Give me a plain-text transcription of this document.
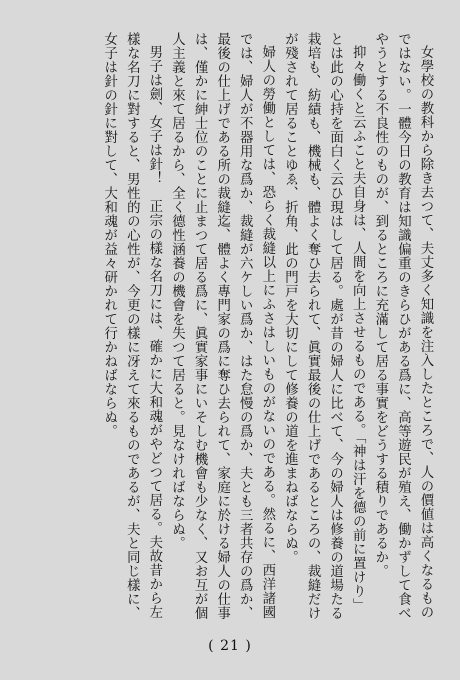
女學校の教科から除き去つて、夫丈多く知識を注入したところで、人の價値は高くなるものではない。一體今日の教育は知識偏重のきらひがある爲に、高等遊民が殖え、働かずして食べやうとする不良性のものが、到るところに充滿して居る事實をどうする積りであるか。

抑々働くと云ふこと夫自身は、人間を向上させるものである。「神は汗を德の前に置けり」とは此の心持を面白く云ひ現はして居る。處が昔の婦人に比べて、今の婦人は修養の道場たる栽培も、紡績も、機械も、體よく奪ひ去られて、眞實最後の仕上げであるところの、裁縫だけが殘されて居ることゆゑ、折角、此の門戸を大切にして修養の道を進まねばならぬ。

婦人の勞働としては、恐らく裁縫以上にふさはしいものがないのである。然るに、西洋諸國では、婦人が不器用な爲か、裁縫が六ケしい爲か、はた怠慢の爲か、夫とも三者共存の爲か、最後の仕上げである所の裁縫迄、體よく專門家の爲に奪ひ去られて、家庭に於ける婦人の仕事は、僅かに紳士位のことに止まつて居る爲に、眞實家事にいそしむ機會も少なく、又お互が個人主義と來て居るから、全く德性涵養の機會を失つて居ると。見なければならぬ。

男子は劍、女子は針！　正宗の樣な名刀には、確かに大和魂がやどつて居る。夫故昔から左樣な名刀に對すると、男性的の心性が、今更の樣に冴えて來るものであるが、夫と同じ樣に、女子は針の針に對して、大和魂が益々研かれて行かねばならぬ。

( 21 )
